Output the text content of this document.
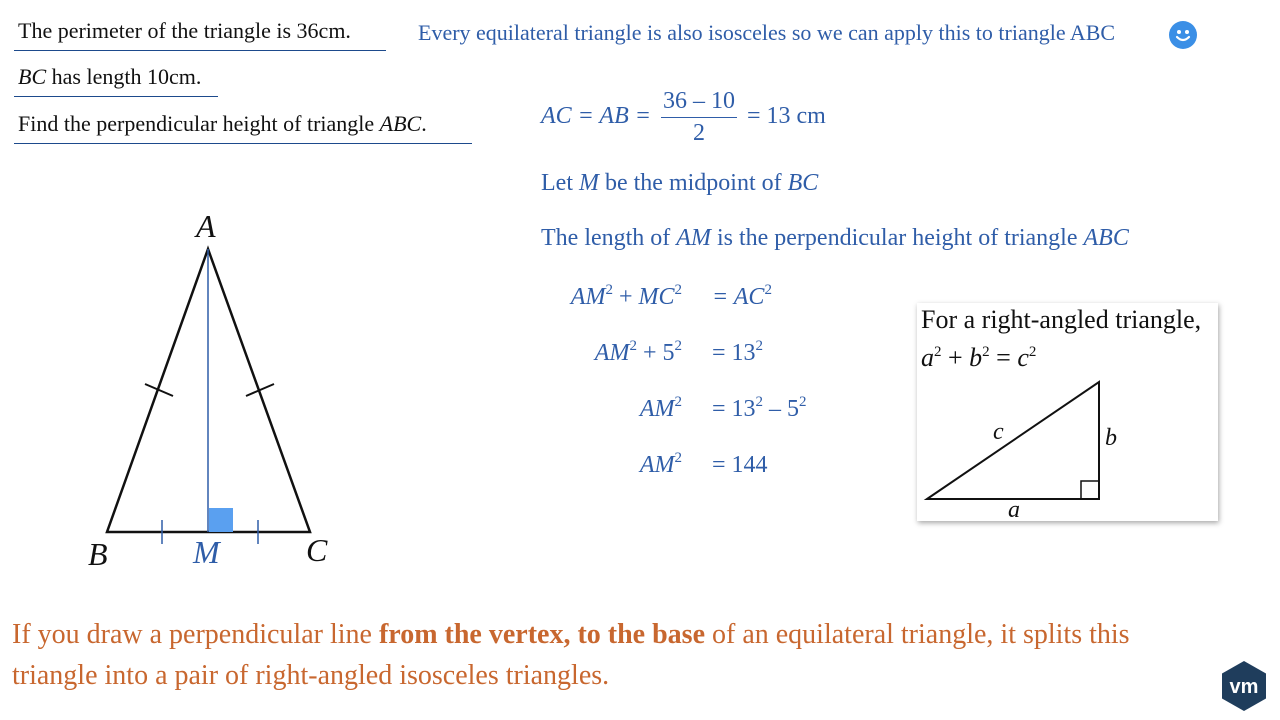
The perimeter of the triangle is 36cm.
BC has length 10cm.
Find the perpendicular height of triangle ABC.
Every equilateral triangle is also isosceles so we can apply this to triangle ABC
AC = AB = $\frac{36 - 10}{2} = 13$ cm
Let M be the midpoint of BC
The length of AM is the perpendicular height of triangle ABC
$AM^2 + MC^2 = AC^2$
$AM^2 + 5^2 = 13^2$
$AM^2 = 13^2 - 5^2$
$AM^2 = 144$
A
B	C
M
For a right-angled triangle,
$a^2 + b^2 = c^2$
c	b
a
If you draw a perpendicular line from the vertex, to the base of an equilateral triangle, it splits this triangle into a pair of right-angled isosceles triangles.	vm
